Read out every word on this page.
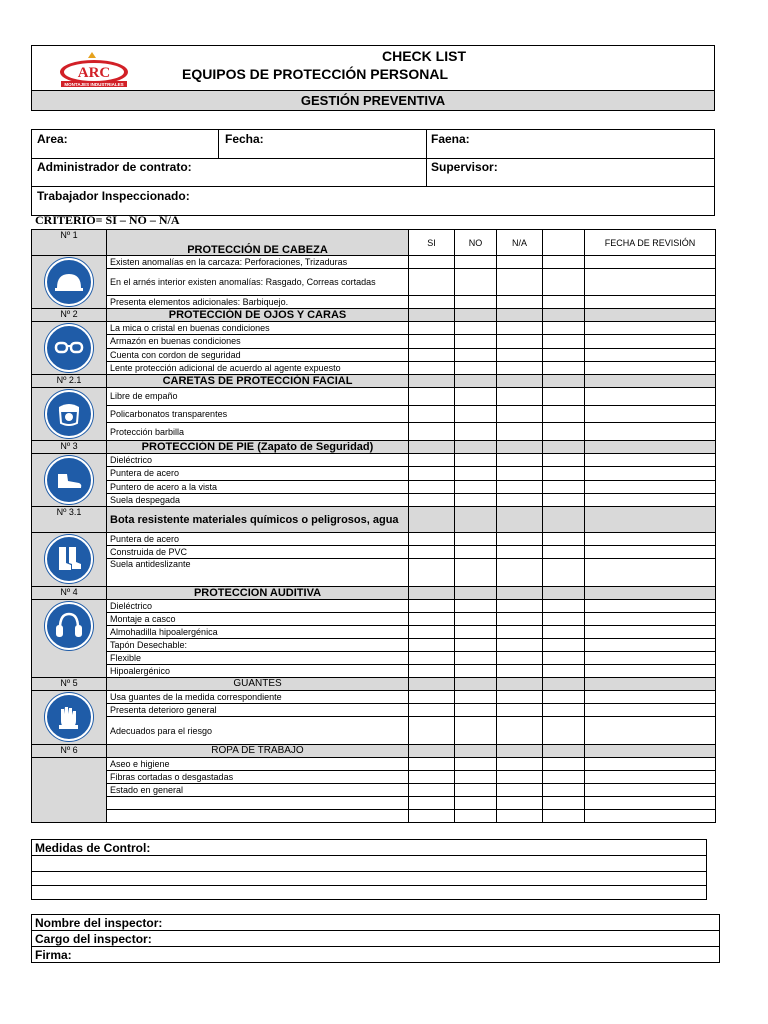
ARC
MONTAJES INDUSTRIALES
CHECK LIST
EQUIPOS DE PROTECCIÓN PERSONAL
GESTIÓN PREVENTIVA
Area:	Fecha:	Faena:
Administrador de contrato:	Supervisor:
Trabajador Inspeccionado:
CRITERIO= SI – NO – N/A
Nº 1	PROTECCIÓN DE CABEZA	SI	NO	N/A		FECHA DE REVISIÓN

	Existen anomalías en la carcaza: Perforaciones, Trizaduras					
	En el arnés interior existen anomalías: Rasgado, Correas cortadas					
	Presenta elementos adicionales: Barbiquejo.					
Nº 2	PROTECCIÓN DE OJOS Y CARAS					

	La mica o cristal en buenas condiciones					
	Armazón en buenas condiciones					
	Cuenta con cordon de seguridad					
	Lente protección adicional de acuerdo al agente expuesto					
Nº 2.1	CARETAS DE PROTECCIÓN FACIAL					

	Libre de empaño					
	Policarbonatos transparentes					
	Protección barbilla					
Nº 3	PROTECCIÓN DE PIE (Zapato de Seguridad)					

	Dieléctrico					
	Puntera de acero					
	Puntero de acero a la vista					
	Suela despegada					
Nº 3.1	Bota resistente materiales químicos o peligrosos, agua					

	Puntera de acero					
	Construida de PVC					
	Suela antideslizante					
Nº 4	PROTECCION AUDITIVA					

	Dieléctrico					
	Montaje a casco					
	Almohadilla hipoalergénica					
	Tapón Desechable:					
	Flexible					
	Hipoalergénico					
Nº 5	GUANTES					

	Usa guantes de la medida correspondiente					
	Presenta deterioro general					
	Adecuados para el riesgo					
Nº 6	ROPA DE TRABAJO					
	Aseo e higiene					
	Fibras cortadas o desgastadas					
	Estado en general					

Medidas de Control:

Nombre del inspector:
Cargo del inspector:
Firma:
